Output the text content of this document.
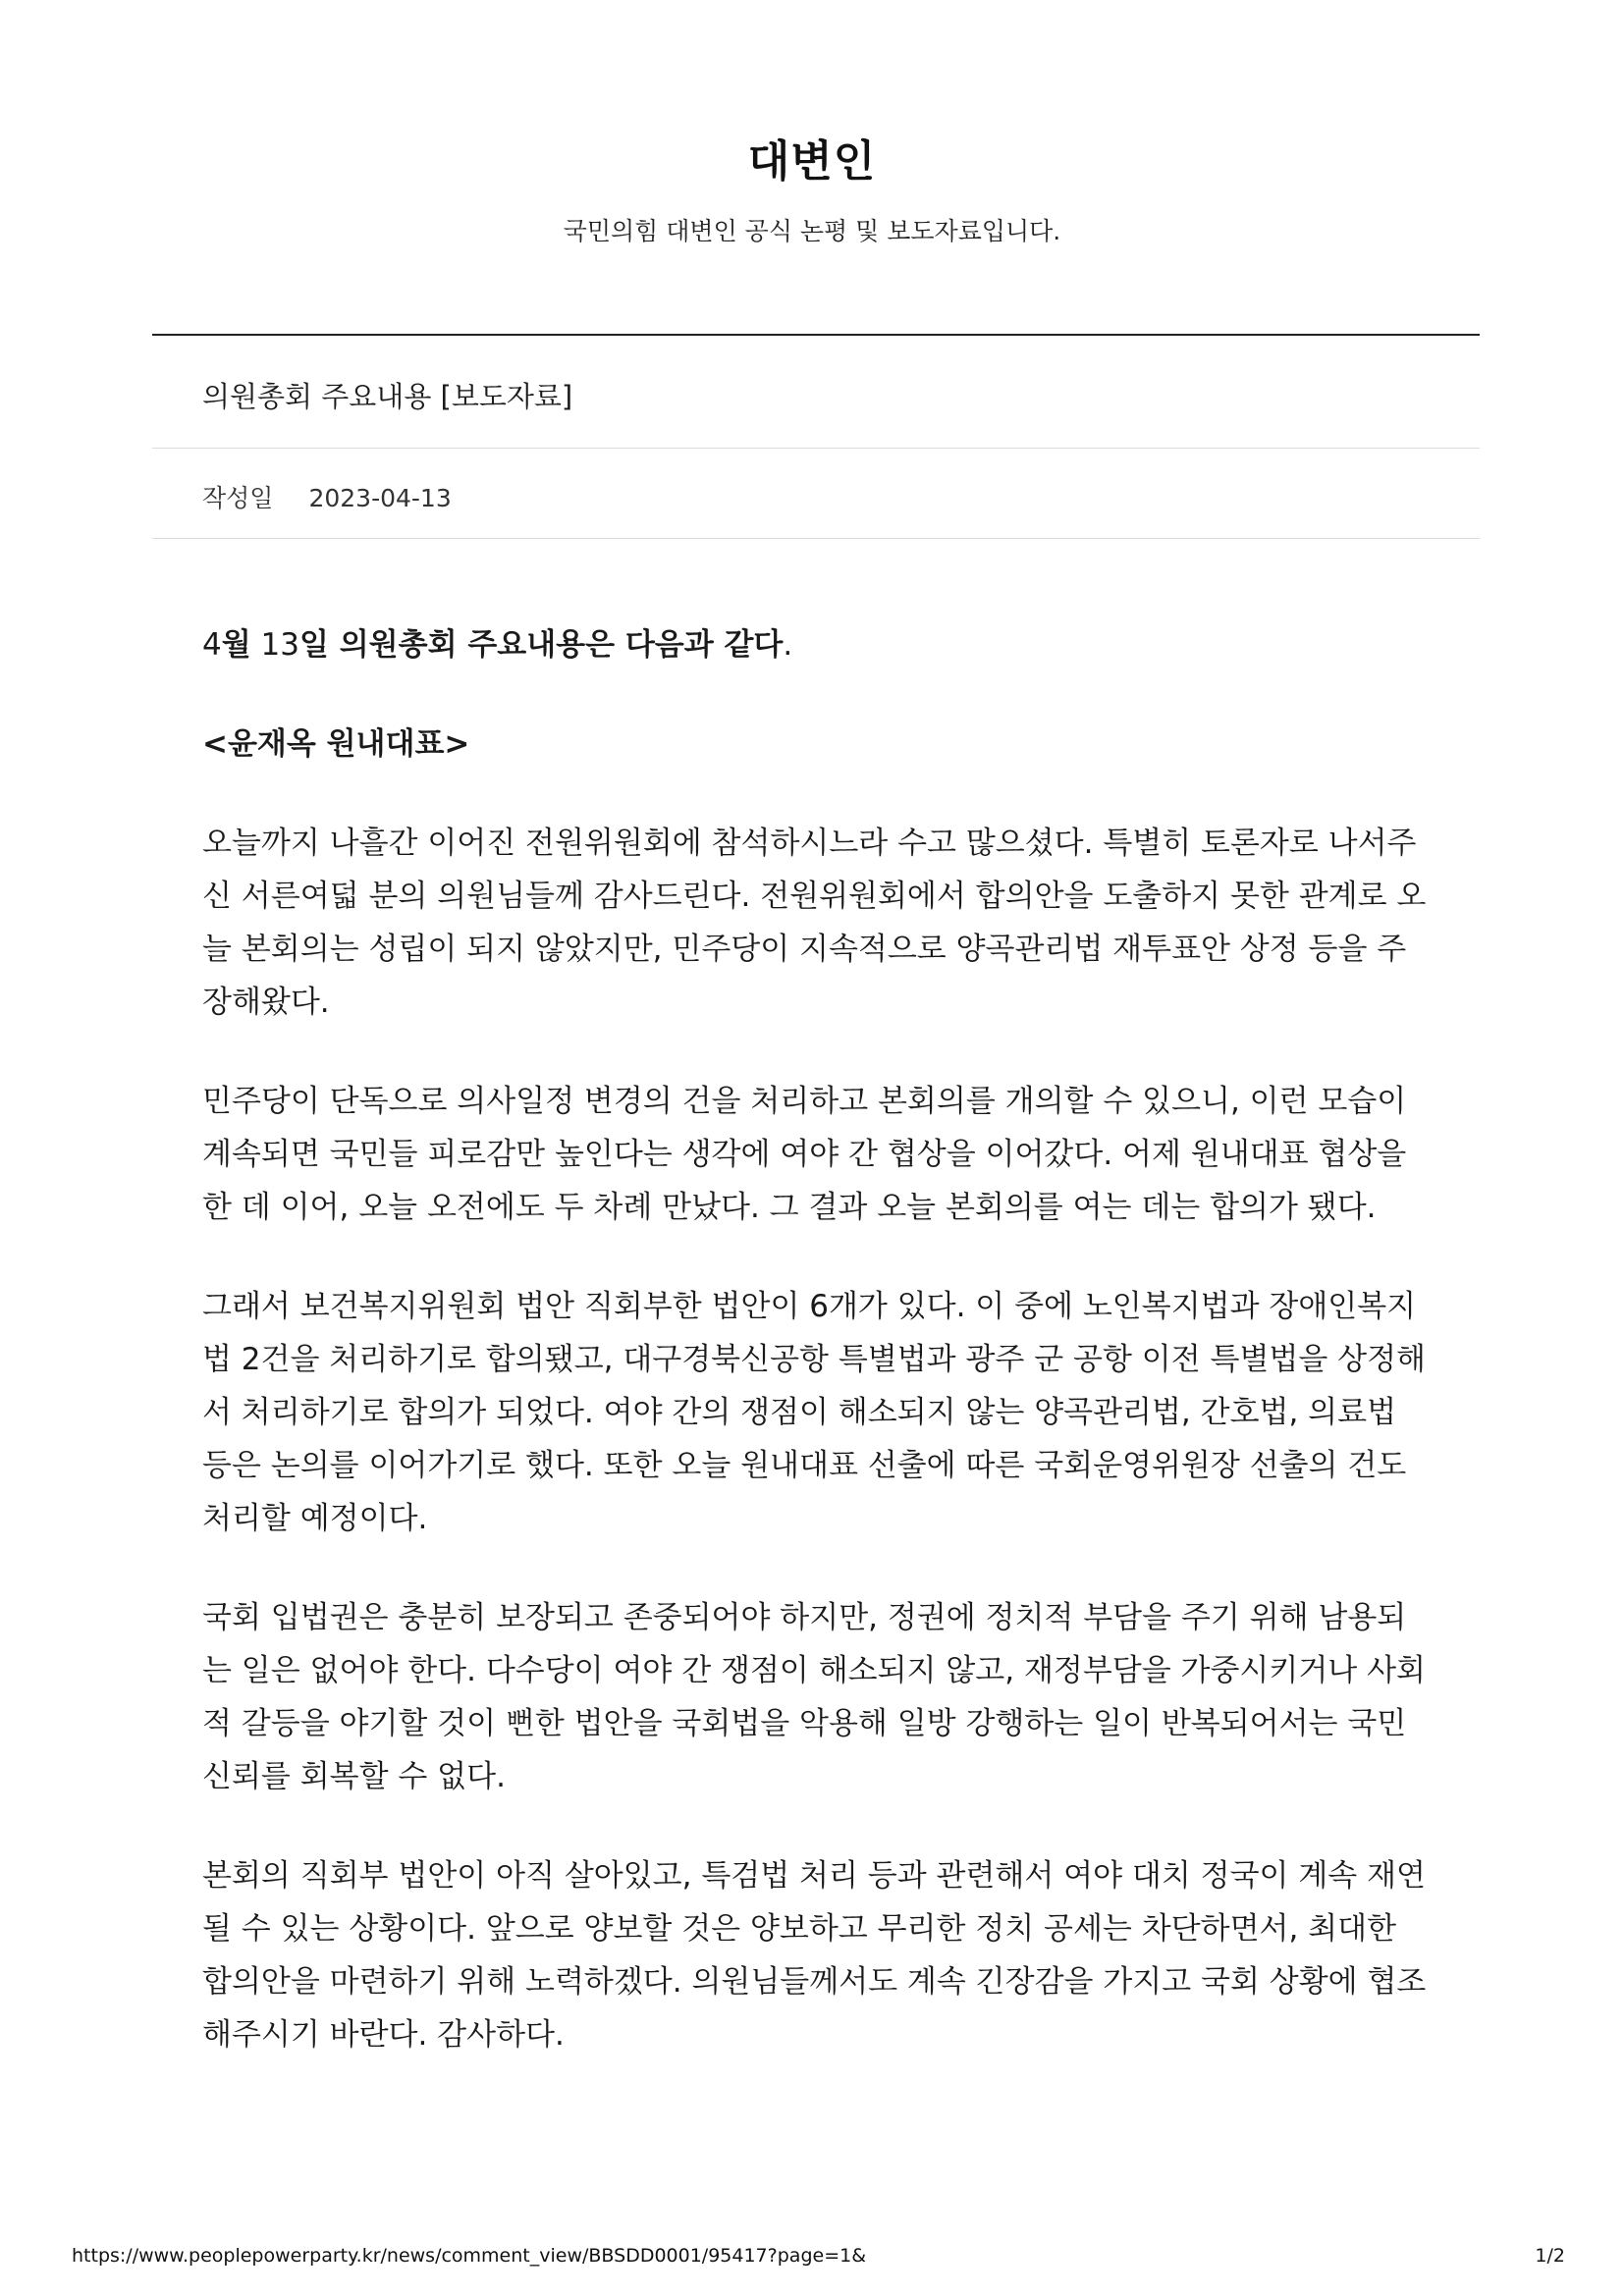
대변인
국민의힘 대변인 공식 논평 및 보도자료입니다.
의원총회 주요내용 [보도자료]
작성일 2023-04-13

4월 13일 의원총회 주요내용은 다음과 같다.

<윤재옥 원내대표>

오늘까지 나흘간 이어진 전원위원회에 참석하시느라 수고 많으셨다. 특별히 토론자로 나서주신 서른여덟 분의 의원님들께 감사드린다. 전원위원회에서 합의안을 도출하지 못한 관계로 오늘 본회의는 성립이 되지 않았지만, 민주당이 지속적으로 양곡관리법 재투표안 상정 등을 주장해왔다.

민주당이 단독으로 의사일정 변경의 건을 처리하고 본회의를 개의할 수 있으니, 이런 모습이 계속되면 국민들 피로감만 높인다는 생각에 여야 간 협상을 이어갔다. 어제 원내대표 협상을 한 데 이어, 오늘 오전에도 두 차례 만났다. 그 결과 오늘 본회의를 여는 데는 합의가 됐다.

그래서 보건복지위원회 법안 직회부한 법안이 6개가 있다. 이 중에 노인복지법과 장애인복지법 2건을 처리하기로 합의됐고, 대구경북신공항 특별법과 광주 군 공항 이전 특별법을 상정해서 처리하기로 합의가 되었다. 여야 간의 쟁점이 해소되지 않는 양곡관리법, 간호법, 의료법 등은 논의를 이어가기로 했다. 또한 오늘 원내대표 선출에 따른 국회운영위원장 선출의 건도 처리할 예정이다.

국회 입법권은 충분히 보장되고 존중되어야 하지만, 정권에 정치적 부담을 주기 위해 남용되는 일은 없어야 한다. 다수당이 여야 간 쟁점이 해소되지 않고, 재정부담을 가중시키거나 사회적 갈등을 야기할 것이 뻔한 법안을 국회법을 악용해 일방 강행하는 일이 반복되어서는 국민 신뢰를 회복할 수 없다.

본회의 직회부 법안이 아직 살아있고, 특검법 처리 등과 관련해서 여야 대치 정국이 계속 재연될 수 있는 상황이다. 앞으로 양보할 것은 양보하고 무리한 정치 공세는 차단하면서, 최대한 합의안을 마련하기 위해 노력하겠다. 의원님들께서도 계속 긴장감을 가지고 국회 상황에 협조해주시기 바란다. 감사하다.

https://www.peoplepowerparty.kr/news/comment_view/BBSDD0001/95417?page=1&	1/2
